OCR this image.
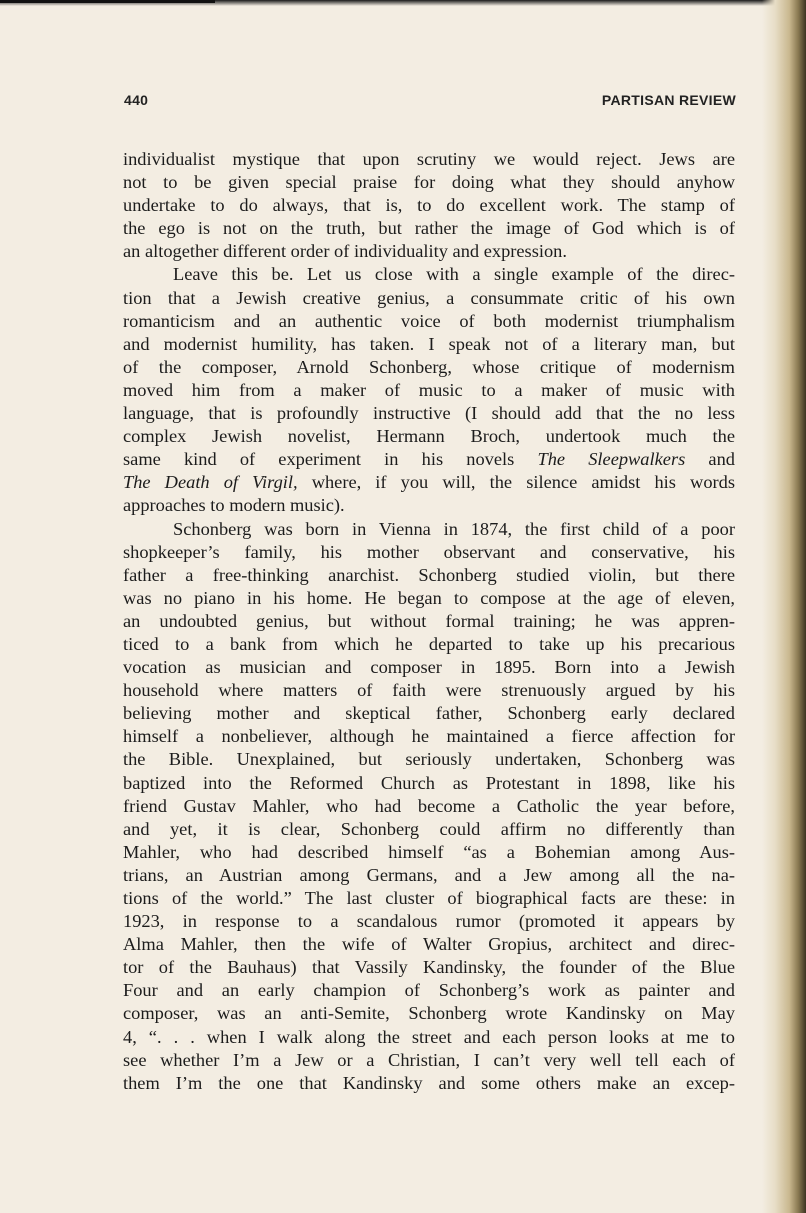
440	PARTISAN REVIEW
individualist mystique that upon scrutiny we would reject. Jews are
not to be given special praise for doing what they should anyhow
undertake to do always, that is, to do excellent work. The stamp of
the ego is not on the truth, but rather the image of God which is of
an altogether different order of individuality and expression.
Leave this be. Let us close with a single example of the direc-
tion that a Jewish creative genius, a consummate critic of his own
romanticism and an authentic voice of both modernist triumphalism
and modernist humility, has taken. I speak not of a literary man, but
of the composer, Arnold Schonberg, whose critique of modernism
moved him from a maker of music to a maker of music with
language, that is profoundly instructive (I should add that the no less
complex Jewish novelist, Hermann Broch, undertook much the
same kind of experiment in his novels The Sleepwalkers and
The Death of Virgil, where, if you will, the silence amidst his words
approaches to modern music).
Schonberg was born in Vienna in 1874, the first child of a poor
shopkeeper’s family, his mother observant and conservative, his
father a free-thinking anarchist. Schonberg studied violin, but there
was no piano in his home. He began to compose at the age of eleven,
an undoubted genius, but without formal training; he was appren-
ticed to a bank from which he departed to take up his precarious
vocation as musician and composer in 1895. Born into a Jewish
household where matters of faith were strenuously argued by his
believing mother and skeptical father, Schonberg early declared
himself a nonbeliever, although he maintained a fierce affection for
the Bible. Unexplained, but seriously undertaken, Schonberg was
baptized into the Reformed Church as Protestant in 1898, like his
friend Gustav Mahler, who had become a Catholic the year before,
and yet, it is clear, Schonberg could affirm no differently than
Mahler, who had described himself “as a Bohemian among Aus-
trians, an Austrian among Germans, and a Jew among all the na-
tions of the world.” The last cluster of biographical facts are these: in
1923, in response to a scandalous rumor (promoted it appears by
Alma Mahler, then the wife of Walter Gropius, architect and direc-
tor of the Bauhaus) that Vassily Kandinsky, the founder of the Blue
Four and an early champion of Schonberg’s work as painter and
composer, was an anti-Semite, Schonberg wrote Kandinsky on May
4, “. . . when I walk along the street and each person looks at me to
see whether I’m a Jew or a Christian, I can’t very well tell each of
them I’m the one that Kandinsky and some others make an excep-
